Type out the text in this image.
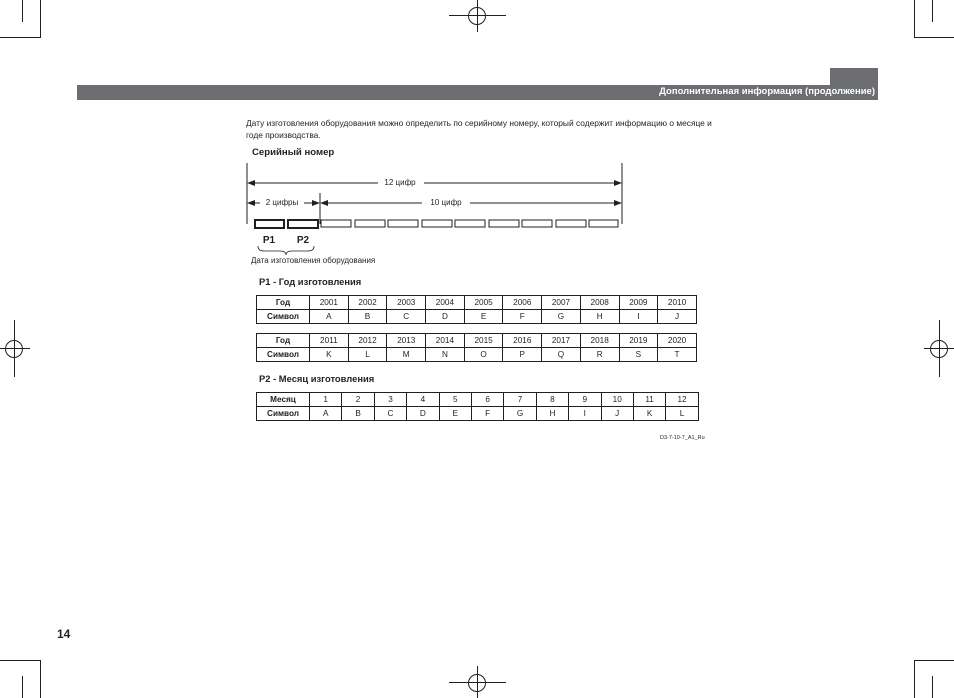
Дополнительная информация (продолжение)
Дату изготовления оборудования можно определить по серийному номеру, который содержит информацию о месяце и годе производства.
Серийный номер
12 цифр
2 цифры	10 цифр
P1 P2
Дата изготовления оборудования
P1 - Год изготовления
Год	2001	2002	2003	2004	2005	2006	2007	2008	2009	2010
Символ	A	B	C	D	E	F	G	H	I	J
Год	2011	2012	2013	2014	2015	2016	2017	2018	2019	2020
Символ	K	L	M	N	O	P	Q	R	S	T
P2 - Месяц изготовления
Месяц	1	2	3	4	5	6	7	8	9	10	11	12
Символ	A	B	C	D	E	F	G	H	I	J	K	L
D3-7-10-7_A1_Ru
14
